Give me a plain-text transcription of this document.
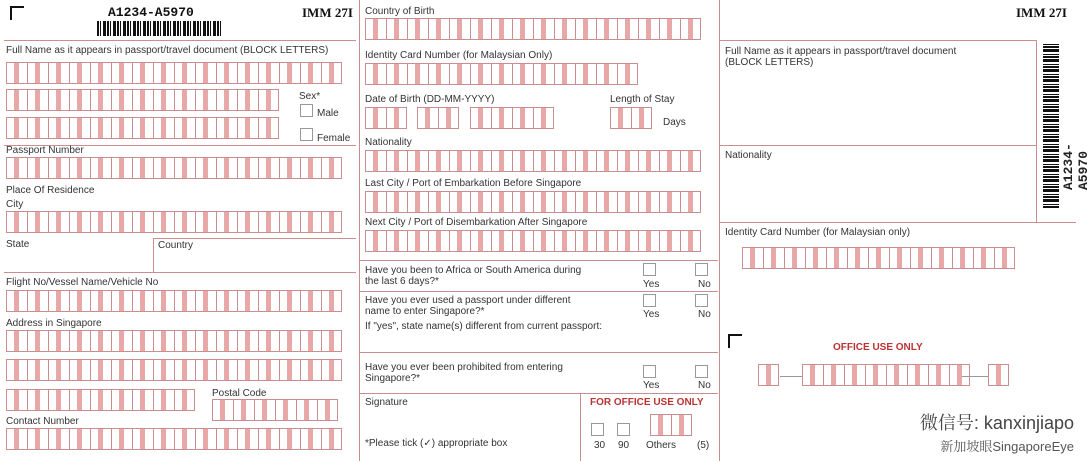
A1234-A5970	IMM 27I
Full Name as it appears in passport/travel document (BLOCK LETTERS)
Sex*
Male
Female
Passport Number
Place Of Residence
City
State	Country
Flight No/Vessel Name/Vehicle No
Address in Singapore
Postal Code
Contact Number
Country of Birth
Identity Card Number (for Malaysian Only)
Date of Birth (DD-MM-YYYY)	Length of Stay
Days
Nationality
Last City / Port of Embarkation Before Singapore
Next City / Port of Disembarkation After Singapore
Have you been to Africa or South America during the last 6 days?*	Yes	No
Have you ever used a passport under different name to enter Singapore?*
If "yes", state name(s) different from current passport:
Yes	No
Have you ever been prohibited from entering Singapore?*
Yes	No
Signature
*Please tick (✓) appropriate box
FOR OFFICE USE ONLY
30 90 Others (5)
IMM 27I
Full Name as it appears in passport/travel document (BLOCK LETTERS)
Nationality
Identity Card Number (for Malaysian only)
A1234-A5970
OFFICE USE ONLY
微信号: kanxinjiapo
新加坡眼SingaporeEye
